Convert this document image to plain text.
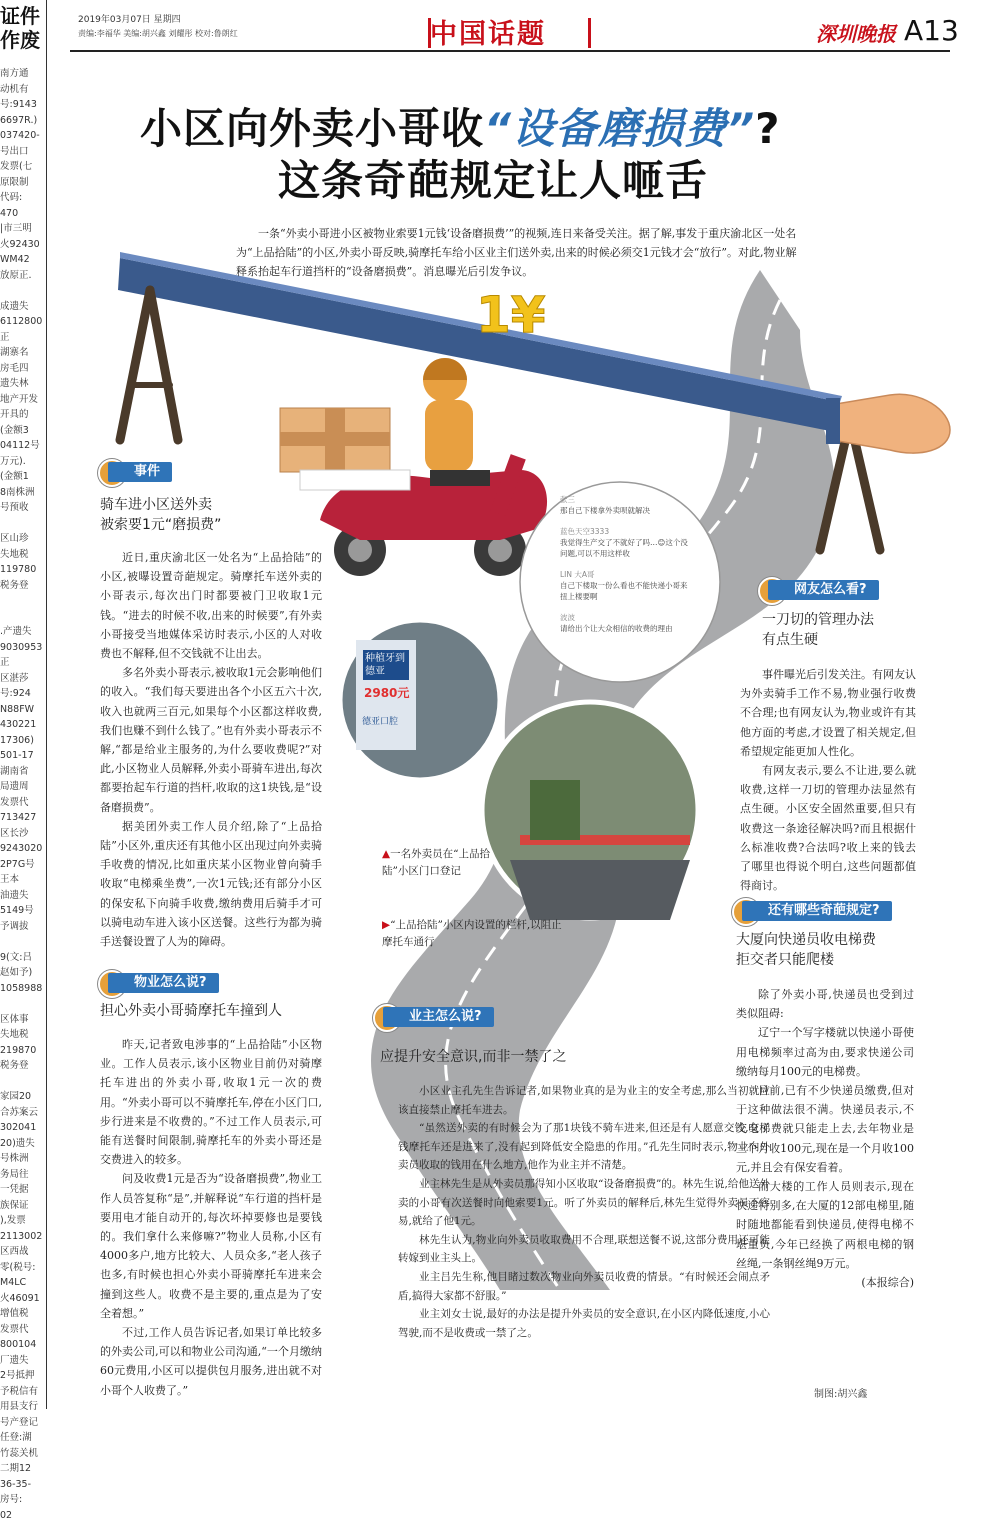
证件作废
南方通
动机有
号:9143
6697R.)
037420-
号出口
发票(七
原限制
代码:
470
|市三明
火92430
WM42
放原正.

成遗失
6112800
正
湖寨名
房毛四
遗失林
地产开发
开具的
(金额3
04112号
万元).
(金额1
8南株洲
号预收

区山珍
失地税
119780
税务登

.产遗失
9030953
正
区湛莎
号:924
N88FW
430221
17306)
501-17
湖南省
局遗周
发票代
713427
区长沙
9243020
2P7G号
王本
油遗失
5149号
予调拔

9(文:吕
赵如予)
1058988

区体事
失地税
219870
税务登

家园20
合苏案云
302041
20)遗失
号株洲
务局往
一凭据
族保证
),发票
2113002
区西战
零(税号:
M4LC
火46091
增值税
发票代
800104
厂遗失
2号抵押
予税信有
用县支行
号产登记
任登:湖
竹蕊关机
二期12
36-35-
房号:
02
2019年03月07日 星期四
责编:李福华 美编:胡兴鑫 刘耀彤 校对:鲁朗红	中国话题	深圳晚报 A13
1¥
种植牙到德亚
2980元
德亚口腔
张三
那自己下楼拿外卖呗就解决
蓝色天空3333
我觉得生产交了不就好了吗…😊这个没问题,可以不用这样收
LIN 大A哥
自己下楼取一份么看也不能快递小哥来扭上楼要啊
波波
请给出个让大众相信的收费的理由
小区向外卖小哥收“设备磨损费”?
这条奇葩规定让人咂舌
一条“外卖小哥进小区被物业索要1元钱‘设备磨损费’”的视频,连日来备受关注。据了解,事发于重庆渝北区一处名为“上品拾陆”的小区,外卖小哥反映,骑摩托车给小区业主们送外卖,出来的时候必须交1元钱才会“放行”。对此,物业解释系抬起车行道挡杆的“设备磨损费”。消息曝光后引发争议。
事件
骑车进小区送外卖
被索要1元“磨损费”

近日,重庆渝北区一处名为“上品拾陆”的小区,被曝设置奇葩规定。骑摩托车送外卖的小哥表示,每次出门时都要被门卫收取1元钱。“进去的时候不收,出来的时候要”,有外卖小哥接受当地媒体采访时表示,小区的人对收费也不解释,但不交钱就不让出去。

多名外卖小哥表示,被收取1元会影响他们的收入。“我们每天要进出各个小区五六十次,收入也就两三百元,如果每个小区都这样收费,我们也赚不到什么钱了。”也有外卖小哥表示不解,“都是给业主服务的,为什么要收费呢?”对此,小区物业人员解释,外卖小哥骑车进出,每次都要抬起车行道的挡杆,收取的这1块钱,是“设备磨损费”。

据美团外卖工作人员介绍,除了“上品拾陆”小区外,重庆还有其他小区出现过向外卖骑手收费的情况,比如重庆某小区物业曾向骑手收取“电梯乘坐费”,一次1元钱;还有部分小区的保安私下向骑手收费,缴纳费用后骑手才可以骑电动车进入该小区送餐。这些行为都为骑手送餐设置了人为的障碍。

物业怎么说?
担心外卖小哥骑摩托车撞到人

昨天,记者致电涉事的“上品拾陆”小区物业。工作人员表示,该小区物业目前仍对骑摩托车进出的外卖小哥,收取1元一次的费用。“外卖小哥可以不骑摩托车,停在小区门口,步行进来是不收费的。”不过工作人员表示,可能有送餐时间限制,骑摩托车的外卖小哥还是交费进入的较多。

问及收费1元是否为“设备磨损费”,物业工作人员答复称“是”,并解释说“车行道的挡杆是要用电才能自动开的,每次坏掉要修也是要钱的。我们拿什么来修嘛?”物业人员称,小区有4000多户,地方比较大、人员众多,“老人孩子也多,有时候也担心外卖小哥骑摩托车进来会撞到这些人。收费不是主要的,重点是为了安全着想。”

不过,工作人员告诉记者,如果订单比较多的外卖公司,可以和物业公司沟通,“一个月缴纳60元费用,小区可以提供包月服务,进出就不对小哥个人收费了。”

▲一名外卖员在“上品拾陆”小区门口登记
▶“上品拾陆”小区内设置的栏杆,以阻止摩托车通行
业主怎么说?
应提升安全意识,而非一禁了之

小区业主孔先生告诉记者,如果物业真的是为业主的安全考虑,那么当初就应该直接禁止摩托车进去。

“虽然送外卖的有时候会为了那1块钱不骑车进来,但还是有人愿意交钱,交了钱摩托车还是进来了,没有起到降低安全隐患的作用。”孔先生同时表示,物业向外卖员收取的钱用在什么地方,他作为业主并不清楚。

业主林先生是从外卖员那得知小区收取“设备磨损费”的。林先生说,给他送外卖的小哥有次送餐时向他索要1元。听了外卖员的解释后,林先生觉得外卖员不容易,就给了他1元。

林先生认为,物业向外卖员收取费用不合理,联想送餐不说,这部分费用还可能转嫁到业主头上。

业主吕先生称,他目睹过数次物业向外卖员收费的情景。“有时候还会闹点矛盾,搞得大家都不舒服。”

业主刘女士说,最好的办法是提升外卖员的安全意识,在小区内降低速度,小心驾驶,而不是收费或一禁了之。

网友怎么看?
一刀切的管理办法
有点生硬

事件曝光后引发关注。有网友认为外卖骑手工作不易,物业强行收费不合理;也有网友认为,物业或许有其他方面的考虑,才设置了相关规定,但希望规定能更加人性化。

有网友表示,要么不让进,要么就收费,这样一刀切的管理办法显然有点生硬。小区安全固然重要,但只有收费这一条途径解决吗?而且根据什么标准收费?合法吗?收上来的钱去了哪里也得说个明白,这些问题都值得商讨。

还有哪些奇葩规定?
大厦向快递员收电梯费
拒交者只能爬楼

除了外卖小哥,快递员也受到过类似阻碍:

辽宁一个写字楼就以快递小哥使用电梯频率过高为由,要求快递公司缴纳每月100元的电梯费。

目前,已有不少快递员缴费,但对于这种做法很不满。快递员表示,不交电梯费就只能走上去,去年物业是三个月收100元,现在是一个月收100元,并且会有保安看着。

而大楼的工作人员则表示,现在快递特别多,在大厦的12部电梯里,随时随地都能看到快递员,使得电梯不堪重负,今年已经换了两根电梯的钢丝绳,一条钢丝绳9万元。

(本报综合)
制图:胡兴鑫
